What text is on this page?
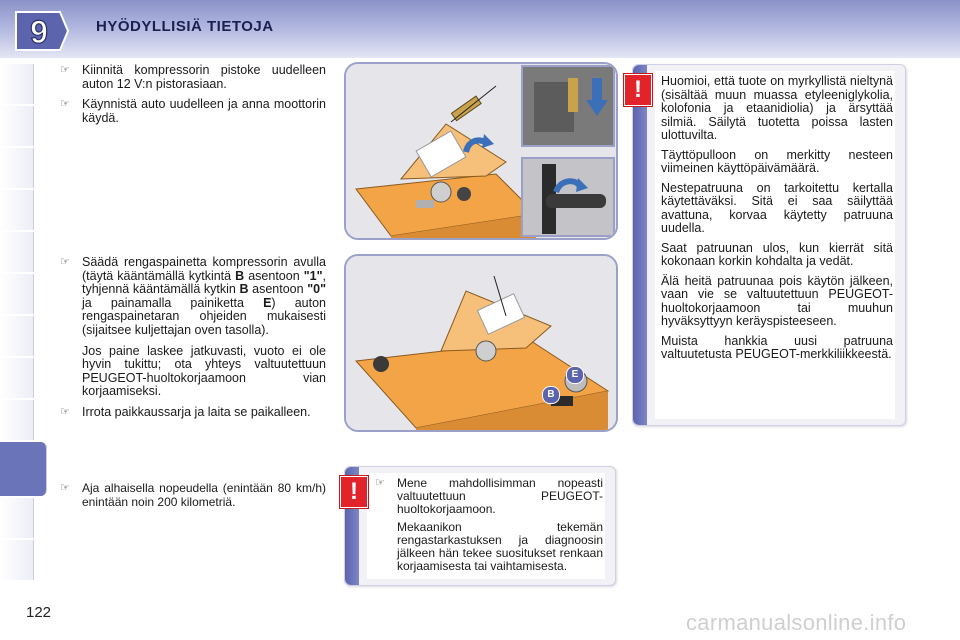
9	HYÖDYLLISIÄ TIETOJA
☞ Kiinnitä kompressorin pistoke uudelleen auton 12 V:n pistorasiaan.
☞ Käynnistä auto uudelleen ja anna moottorin käydä.
☞ Säädä rengaspainetta kompressorin avulla (täytä kääntämällä kytkintä B asentoon "1", tyhjennä kääntämällä kytkin B asentoon "0" ja painamalla painiketta E) auton rengaspainetaran ohjeiden mukaisesti (sijaitsee kuljettajan oven tasolla).
Jos paine laskee jatkuvasti, vuoto ei ole hyvin tukittu; ota yhteys valtuutettuun PEUGEOT-huoltokorjaamoon vian korjaamiseksi.
☞ Irrota paikkaussarja ja laita se paikalleen.
☞ Aja alhaisella nopeudella (enintään 80 km/h) enintään noin 200 kilometriä.
E
B

Huomioi, että tuote on myrkyllistä nieltynä (sisältää muun muassa etyleeniglykolia, kolofonia ja etaanidiolia) ja ärsyttää silmiä. Säilytä tuotetta poissa lasten ulottuvilta.

Täyttöpulloon on merkitty nesteen viimeinen käyttöpäivämäärä.

Nestepatruuna on tarkoitettu kertalla käytettäväksi. Sitä ei saa säilyttää avattuna, korvaa käytetty patruuna uudella.

Saat patruunan ulos, kun kierrät sitä kokonaan korkin kohdalta ja vedät.

Älä heitä patruunaa pois käytön jälkeen, vaan vie se valtuutettuun PEUGEOT-huoltokorjaamoon tai muuhun hyväksyttyyn keräyspisteeseen.

Muista hankkia uusi patruuna valtuutetusta PEUGEOT-merkkiliikkeestä.

!
☞ Mene mahdollisimman nopeasti valtuutettuun PEUGEOT-huoltokorjaamoon.
Mekaanikon tekemän rengastarkastuksen ja diagnoosin jälkeen hän tekee suositukset renkaan korjaamisesta tai vaihtamisesta.
!
122	carmanualsonline.info
